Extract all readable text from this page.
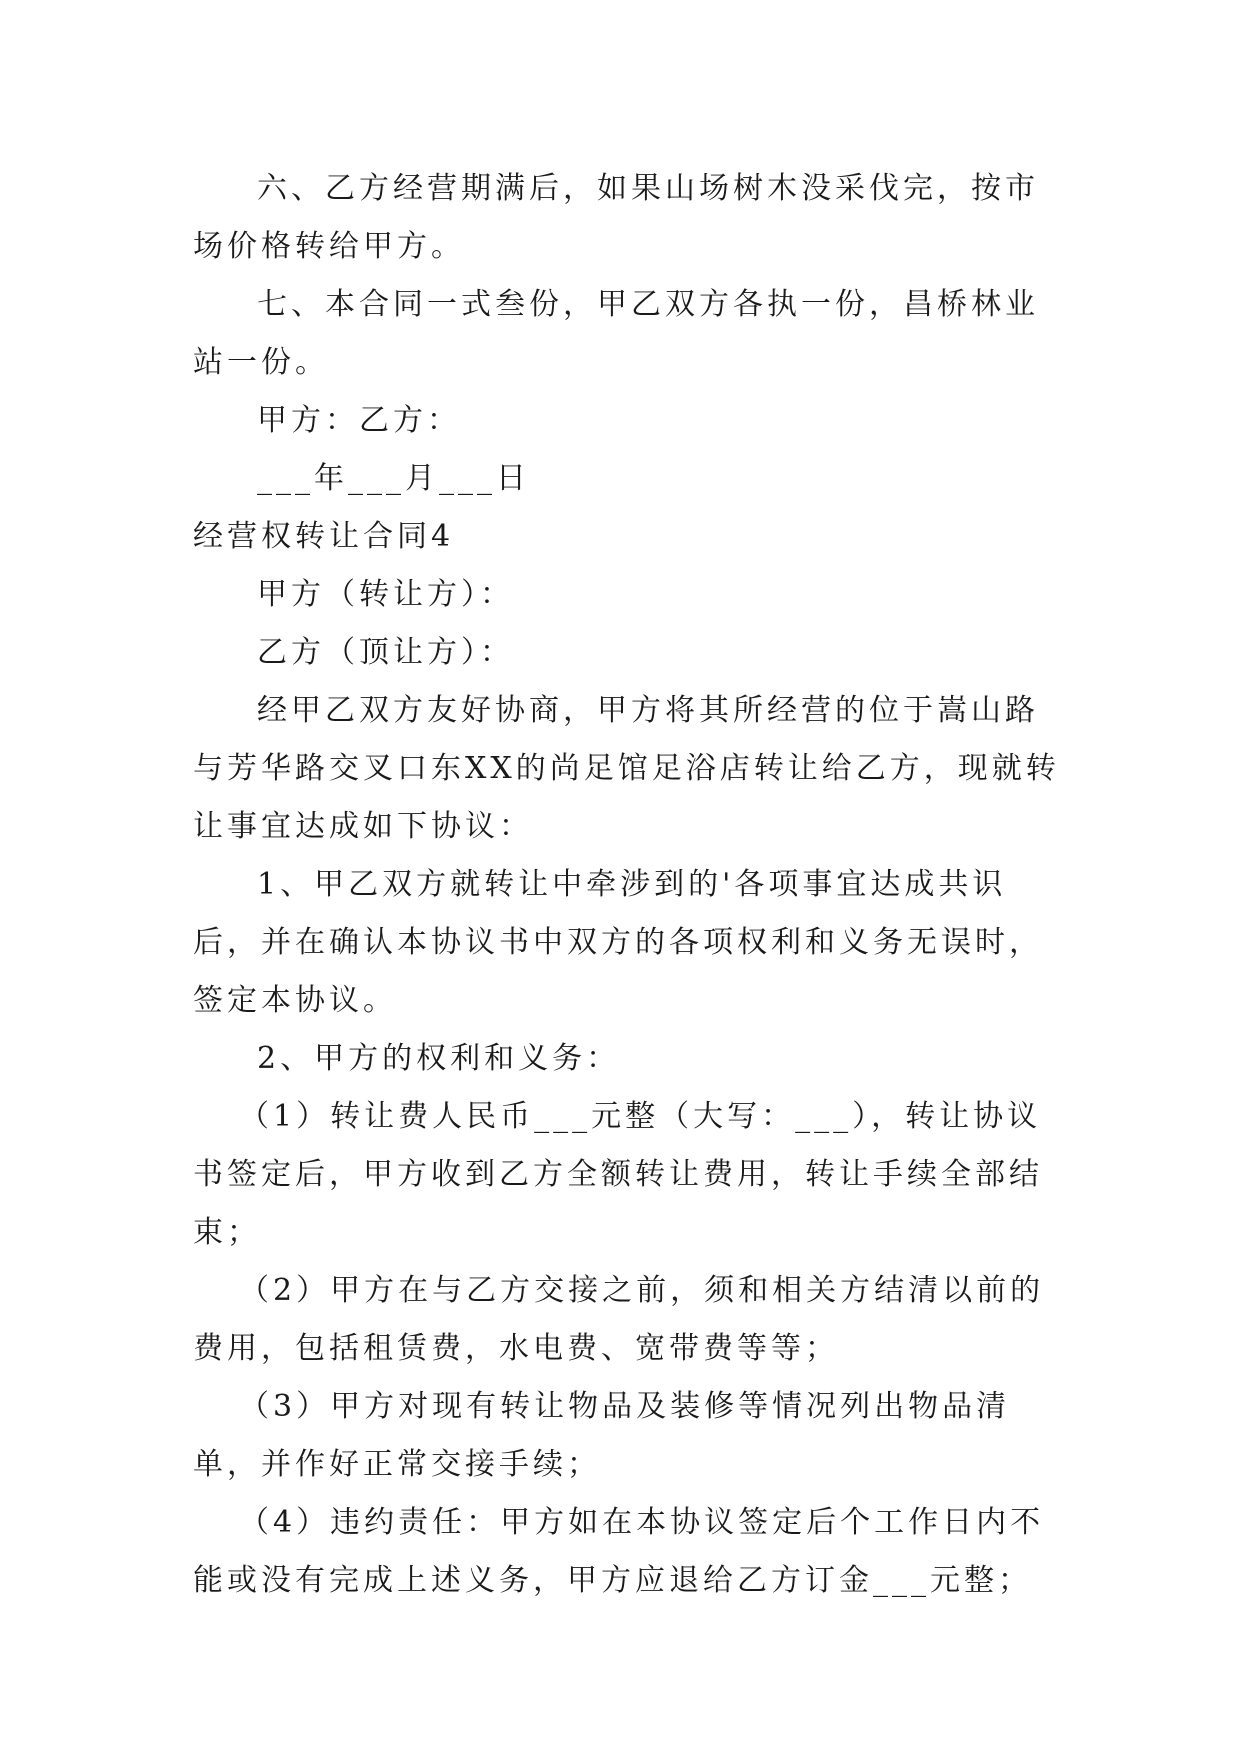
六、乙方经营期满后，如果山场树木没采伐完，按市场价格转给甲方。

七、本合同一式叁份，甲乙双方各执一份，昌桥林业站一份。

甲方：乙方：

___年___月___日

经营权转让合同4

甲方（转让方）：

乙方（顶让方）：

经甲乙双方友好协商，甲方将其所经营的位于嵩山路与芳华路交叉口东XX的尚足馆足浴店转让给乙方，现就转让事宜达成如下协议：

1、甲乙双方就转让中牵涉到的'各项事宜达成共识后，并在确认本协议书中双方的各项权利和义务无误时，签定本协议。

2、甲方的权利和义务：

（1）转让费人民币___元整（大写：___），转让协议书签定后，甲方收到乙方全额转让费用，转让手续全部结束；

（2）甲方在与乙方交接之前，须和相关方结清以前的费用，包括租赁费，水电费、宽带费等等；

（3）甲方对现有转让物品及装修等情况列出物品清单，并作好正常交接手续；

（4）违约责任：甲方如在本协议签定后个工作日内不能或没有完成上述义务，甲方应退给乙方订金___元整；
